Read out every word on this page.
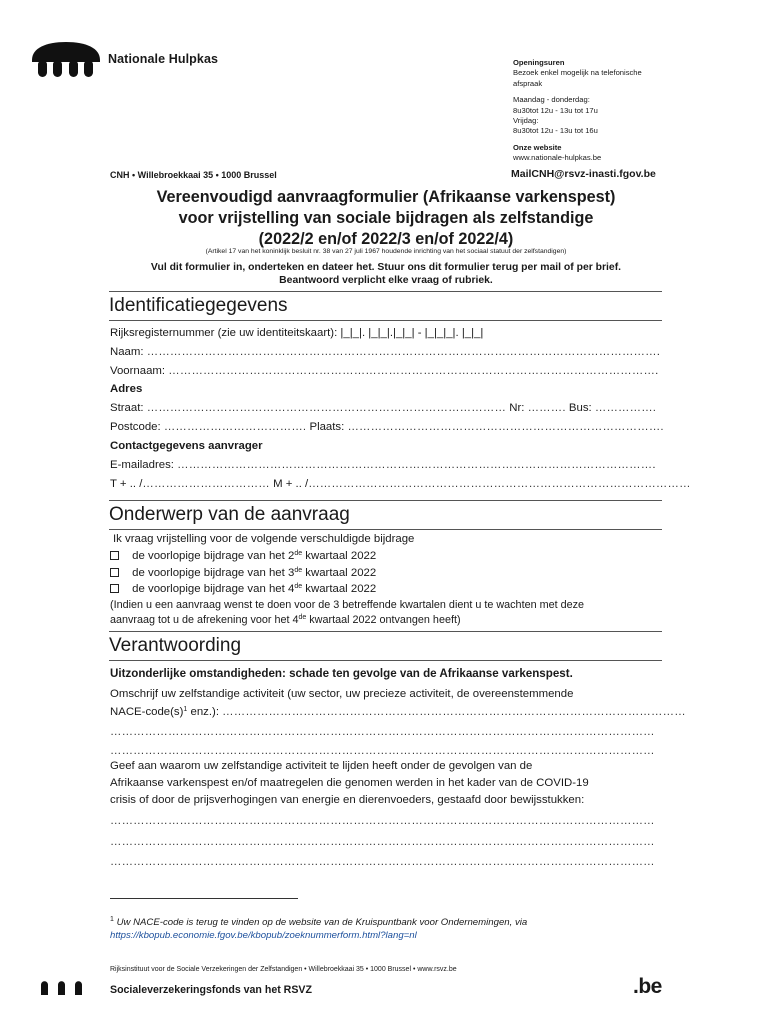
Nationale Hulpkas	Openingsuren
Bezoek enkel mogelijk na telefonische afspraak
Maandag - donderdag:
8u30tot 12u - 13u tot 17u
Vrijdag:
8u30tot 12u - 13u tot 16u
Onze website
www.nationale-hulpkas.be
CNH • Willebroekkaai 35 • 1000 Brussel	MailCNH@rsvz-inasti.fgov.be
Vereenvoudigd aanvraagformulier (Afrikaanse varkenspest)
voor vrijstelling van sociale bijdragen als zelfstandige
(2022/2 en/of 2022/3 en/of 2022/4)
(Artikel 17 van het koninklijk besluit nr. 38 van 27 juli 1967 houdende inrichting van het sociaal statuut der zelfstandigen)
Vul dit formulier in, onderteken en dateer het. Stuur ons dit formulier terug per mail of per brief.
Beantwoord verplicht elke vraag of rubriek.
Identificatiegegevens
Rijksregisternummer (zie uw identiteitskaart): |_|_|. |_|_|.|_|_| - |_|_|_|. |_|_|
Naam: …………………………………………………………………………………………………………………….
Voornaam: ……………………………………………………………………………………………………………….
Adres
Straat: ………………………………………………………………………………… Nr: ………. Bus: …………….
Postcode: ………………………………. Plaats: ……………………………………………………………………….
Contactgegevens aanvrager
E-mailadres: …………………………………………………………………………………………………………….
T + .. /…………………………… M + .. /………………………………………………………………………………………
Onderwerp van de aanvraag
Ik vraag vrijstelling voor de volgende verschuldigde bijdrage
de voorlopige bijdrage van het 2de kwartaal 2022
de voorlopige bijdrage van het 3de kwartaal 2022
de voorlopige bijdrage van het 4de kwartaal 2022
(Indien u een aanvraag wenst te doen voor de 3 betreffende kwartalen dient u te wachten met deze
aanvraag tot u de afrekening voor het 4de kwartaal 2022 ontvangen heeft)
Verantwoording
Uitzonderlijke omstandigheden: schade ten gevolge van de Afrikaanse varkenspest.
Omschrijf uw zelfstandige activiteit (uw sector, uw precieze activiteit, de overeenstemmende
NACE-$code(s)^1$ enz.): …………………………………………………………………………………………………………
……………………………………………………………………………………………………………………………
……………………………………………………………………………………………………………………………
Geef aan waarom uw zelfstandige activiteit te lijden heeft onder de gevolgen van de
Afrikaanse varkenspest en/of maatregelen die genomen werden in het kader van de COVID-19
crisis of door de prijsverhogingen van energie en dierenvoeders, gestaafd door bewijsstukken:
……………………………………………………………………………………………………………………………
……………………………………………………………………………………………………………………………
……………………………………………………………………………………………………………………………
$^1$ Uw NACE-code is terug te vinden op de website van de Kruispuntbank voor Ondernemingen, via
https://kbopub.economie.fgov.be/kbopub/zoeknummerform.html?lang=nl
Rijksinstituut voor de Sociale Verzekeringen der Zelfstandigen • Willebroekkaai 35 • 1000 Brussel • www.rsvz.be
Socialeverzekeringsfonds van het RSVZ	.be
